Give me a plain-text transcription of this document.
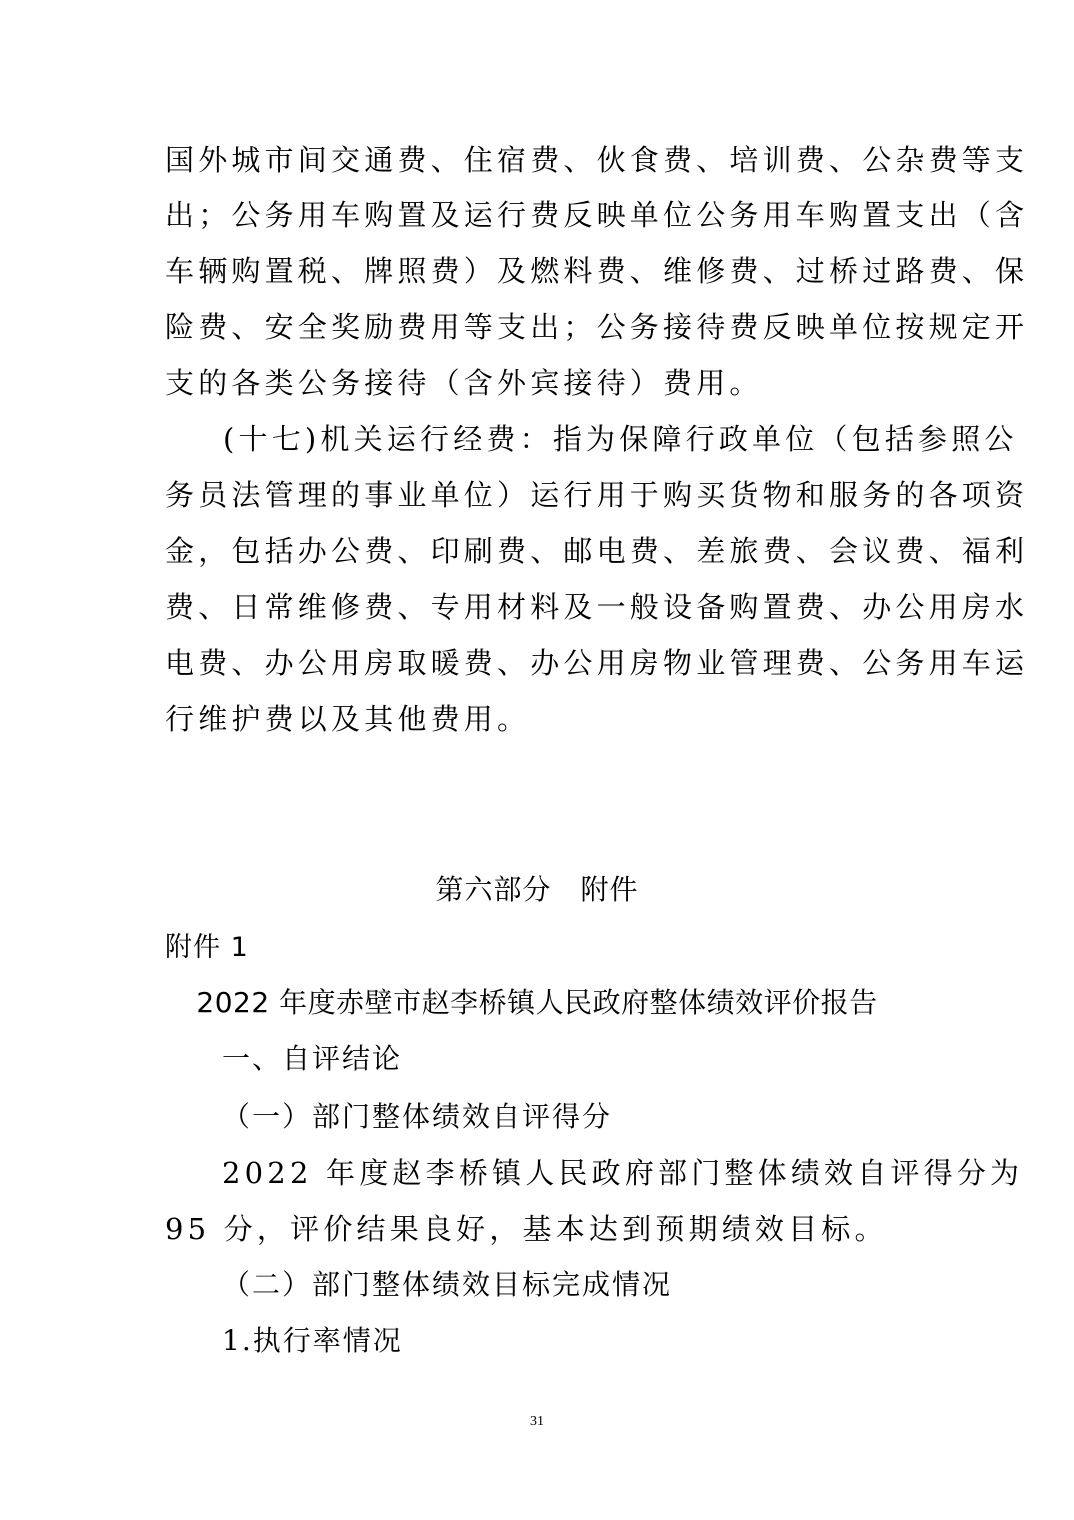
国外城市间交通费、住宿费、伙食费、培训费、公杂费等支
出；公务用车购置及运行费反映单位公务用车购置支出（含
车辆购置税、牌照费）及燃料费、维修费、过桥过路费、保
险费、安全奖励费用等支出；公务接待费反映单位按规定开
支的各类公务接待（含外宾接待）费用。
(十七)机关运行经费：指为保障行政单位（包括参照公
务员法管理的事业单位）运行用于购买货物和服务的各项资
金，包括办公费、印刷费、邮电费、差旅费、会议费、福利
费、日常维修费、专用材料及一般设备购置费、办公用房水
电费、办公用房取暖费、办公用房物业管理费、公务用车运
行维护费以及其他费用。
第六部分　附件
附件 1
2022 年度赤壁市赵李桥镇人民政府整体绩效评价报告
一、自评结论
（一）部门整体绩效自评得分
2022 年度赵李桥镇人民政府部门整体绩效自评得分为
95 分，评价结果良好，基本达到预期绩效目标。
（二）部门整体绩效目标完成情况
1.执行率情况
31
